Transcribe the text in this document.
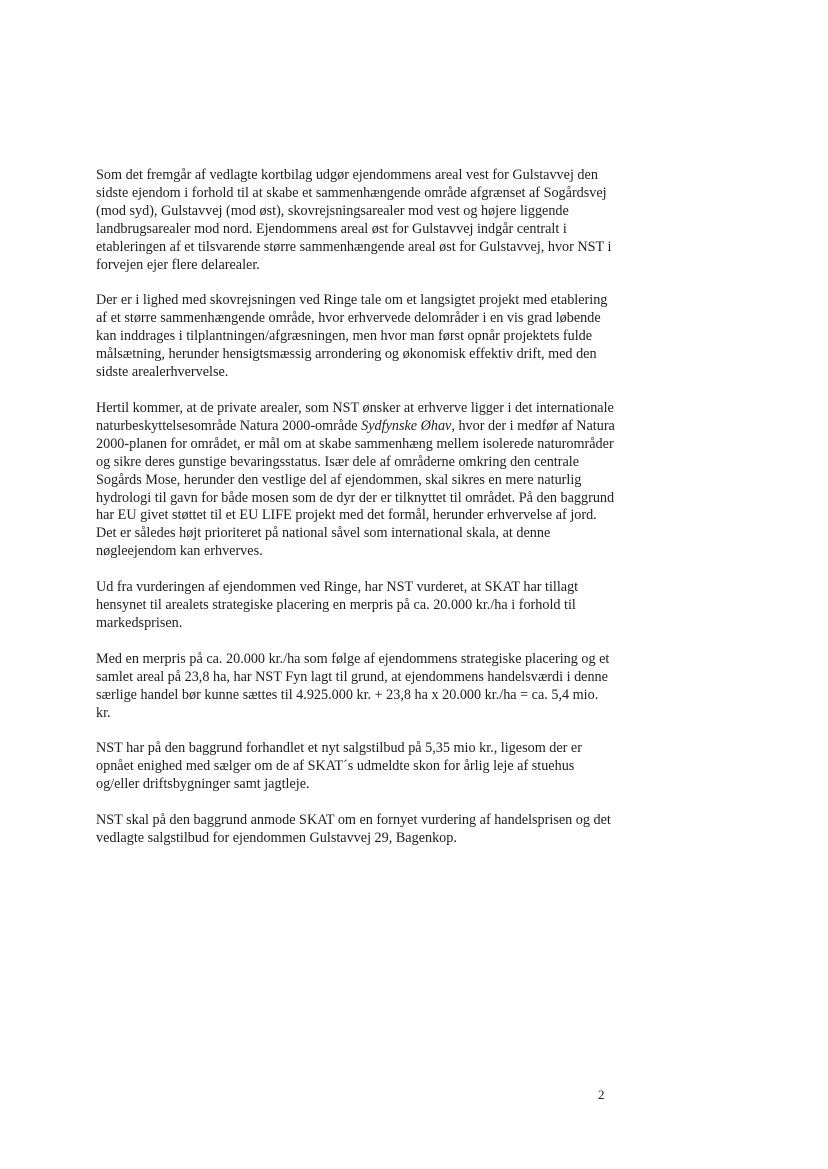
Som det fremgår af vedlagte kortbilag udgør ejendommens areal vest for Gulstavvej den sidste ejendom i forhold til at skabe et sammenhængende område afgrænset af Sogårdsvej (mod syd), Gulstavvej (mod øst), skovrejsningsarealer mod vest og højere liggende landbrugsarealer mod nord. Ejendommens areal øst for Gulstavvej indgår centralt i etableringen af et tilsvarende større sammenhængende areal øst for Gulstavvej, hvor NST i forvejen ejer flere delarealer.

Der er i lighed med skovrejsningen ved Ringe tale om et langsigtet projekt med etablering af et større sammenhængende område, hvor erhvervede delområder i en vis grad løbende kan inddrages i tilplantningen/afgræsningen, men hvor man først opnår projektets fulde målsætning, herunder hensigtsmæssig arrondering og økonomisk effektiv drift, med den sidste arealerhvervelse.

Hertil kommer, at de private arealer, som NST ønsker at erhverve ligger i det internationale naturbeskyttelsesområde Natura 2000-område Sydfynske Øhav, hvor der i medfør af Natura 2000-planen for området, er mål om at skabe sammenhæng mellem isolerede naturområder og sikre deres gunstige bevaringsstatus. Især dele af områderne omkring den centrale Sogårds Mose, herunder den vestlige del af ejendommen, skal sikres en mere naturlig hydrologi til gavn for både mosen som de dyr der er tilknyttet til området. På den baggrund har EU givet støttet til et EU LIFE projekt med det formål, herunder erhvervelse af jord. Det er således højt prioriteret på national såvel som international skala, at denne nøgleejendom kan erhverves.

Ud fra vurderingen af ejendommen ved Ringe, har NST vurderet, at SKAT har tillagt hensynet til arealets strategiske placering en merpris på ca. 20.000 kr./ha i forhold til markedsprisen.

Med en merpris på ca. 20.000 kr./ha som følge af ejendommens strategiske placering og et samlet areal på 23,8 ha, har NST Fyn lagt til grund, at ejendommens handelsværdi i denne særlige handel bør kunne sættes til 4.925.000 kr. + 23,8 ha x 20.000 kr./ha = ca. 5,4 mio. kr.

NST har på den baggrund forhandlet et nyt salgstilbud på 5,35 mio kr., ligesom der er opnået enighed med sælger om de af SKAT´s udmeldte skon for årlig leje af stuehus og/eller driftsbygninger samt jagtleje.

NST skal på den baggrund anmode SKAT om en fornyet vurdering af handelsprisen og det vedlagte salgstilbud for ejendommen Gulstavvej 29, Bagenkop.

2
